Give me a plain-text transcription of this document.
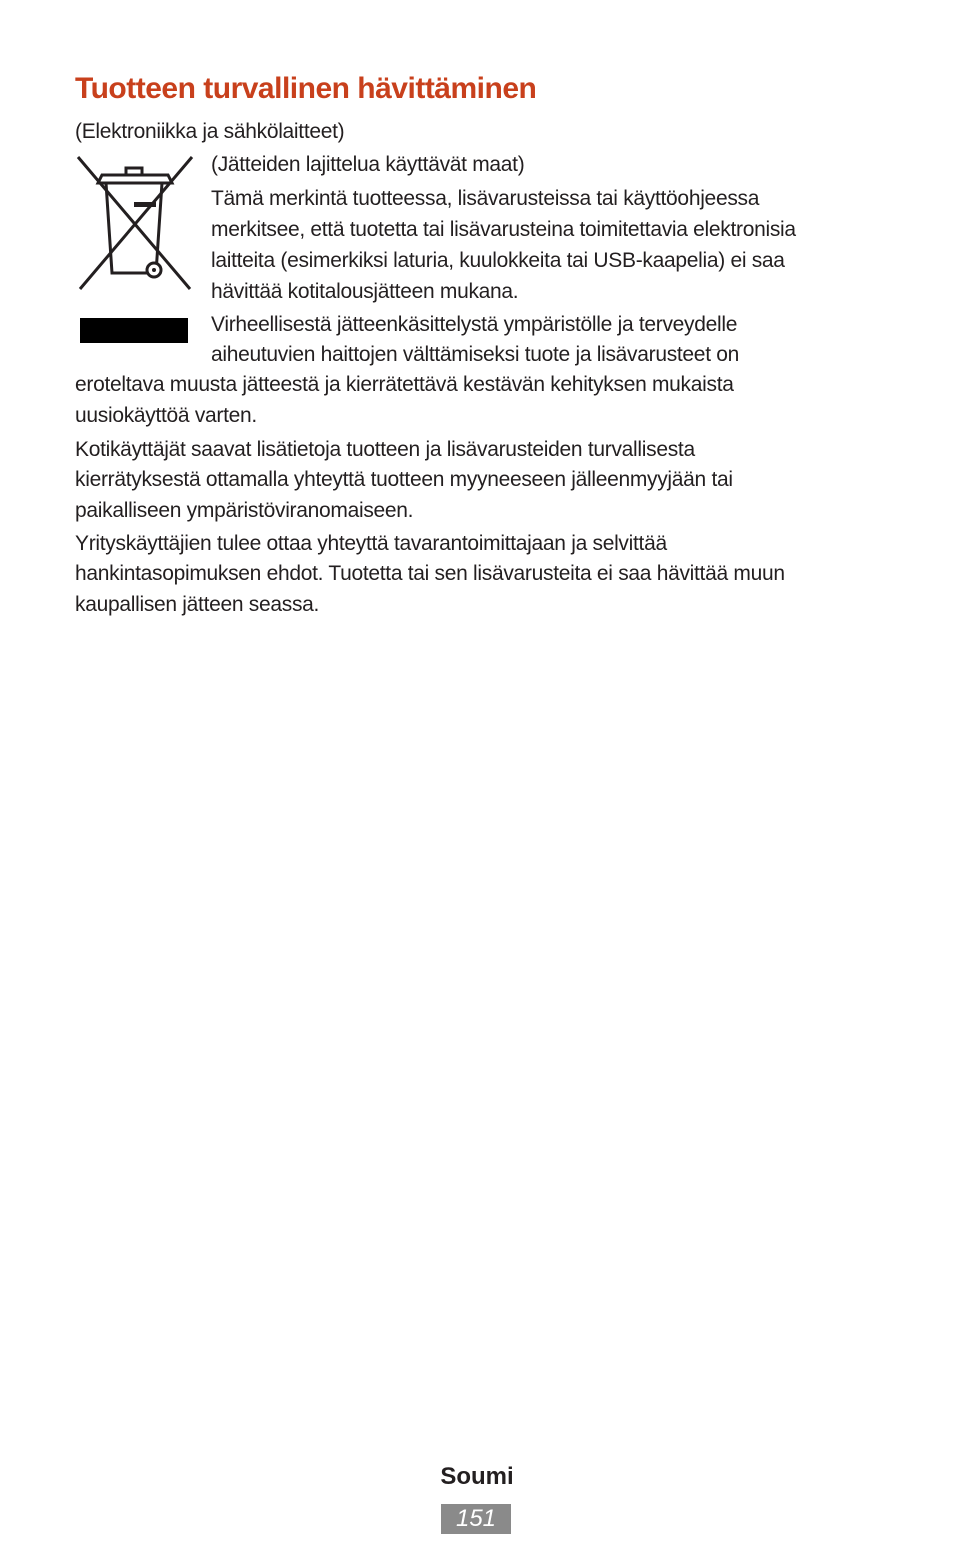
Tuotteen turvallinen hävittäminen
(Elektroniikka ja sähkölaitteet)
(Jätteiden lajittelua käyttävät maat)
Tämä merkintä tuotteessa, lisävarusteissa tai käyttöohjeessa
merkitsee, että tuotetta tai lisävarusteina toimitettavia elektronisia
laitteita (esimerkiksi laturia, kuulokkeita tai USB-kaapelia) ei saa
hävittää kotitalousjätteen mukana.
Virheellisestä jätteenkäsittelystä ympäristölle ja terveydelle
aiheutuvien haittojen välttämiseksi tuote ja lisävarusteet on
eroteltava muusta jätteestä ja kierrätettävä kestävän kehityksen mukaista
uusiokäyttöä varten.
Kotikäyttäjät saavat lisätietoja tuotteen ja lisävarusteiden turvallisesta
kierrätyksestä ottamalla yhteyttä tuotteen myyneeseen jälleenmyyjään tai
paikalliseen ympäristöviranomaiseen.
Yrityskäyttäjien tulee ottaa yhteyttä tavarantoimittajaan ja selvittää
hankintasopimuksen ehdot. Tuotetta tai sen lisävarusteita ei saa hävittää muun
kaupallisen jätteen seassa.
Soumi
151
